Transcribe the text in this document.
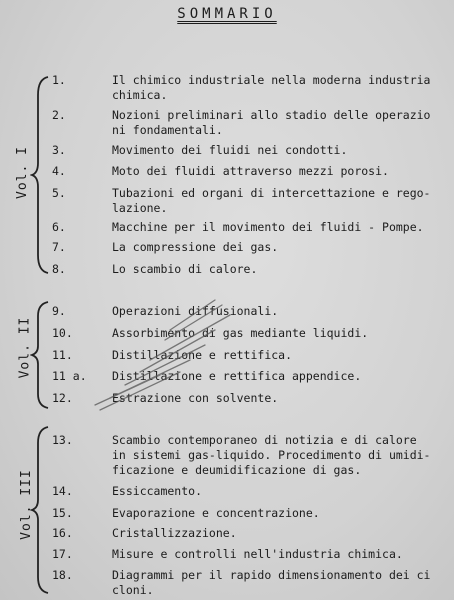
SOMMARIO
Vol. I
Vol. II
Vol. III
1.	Il chimico industriale nella moderna industria
chimica.
2.	Nozioni preliminari allo stadio delle operazio
ni fondamentali.
3.	Movimento dei fluidi nei condotti.
4.	Moto dei fluidi attraverso mezzi porosi.
5.	Tubazioni ed organi di intercettazione e rego-
lazione.
6.	Macchine per il movimento dei fluidi - Pompe.
7.	La compressione dei gas.
8.	Lo scambio di calore.
9.	Operazioni diffusionali.
10.	Assorbimento di gas mediante liquidi.
11.	Distillazione e rettifica.
11 a.	Distillazione e rettifica appendice.
12.	Estrazione con solvente.
13.	Scambio contemporaneo di notizia e di calore
in sistemi gas-liquido. Procedimento di umidi-
ficazione e deumidificazione di gas.
14.	Essiccamento.
15.	Evaporazione e concentrazione.
16.	Cristallizzazione.
17.	Misure e controlli nell'industria chimica.
18.	Diagrammi per il rapido dimensionamento dei ci
cloni.
